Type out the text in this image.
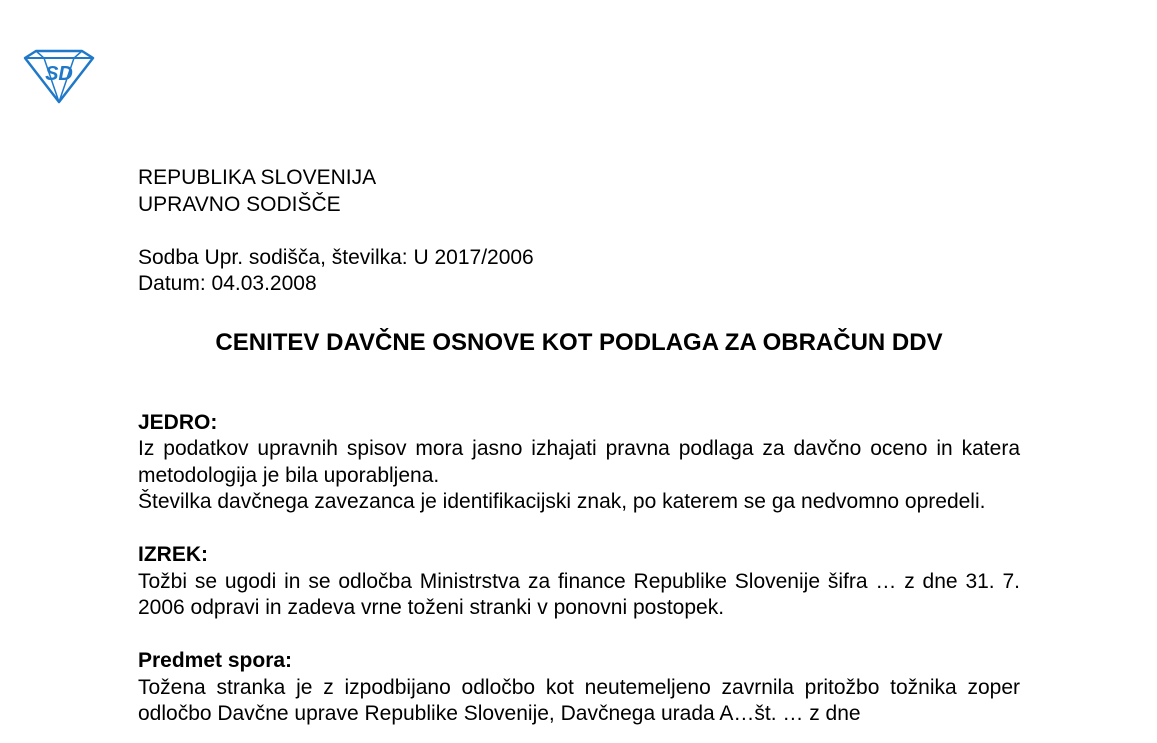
SD
REPUBLIKA SLOVENIJA
UPRAVNO SODIŠČE
Sodba Upr. sodišča, številka: U 2017/2006
Datum: 04.03.2008
CENITEV DAVČNE OSNOVE KOT PODLAGA ZA OBRAČUN DDV
JEDRO:
Iz podatkov upravnih spisov mora jasno izhajati pravna podlaga za davčno oceno in katera metodologija je bila uporabljena.
Številka davčnega zavezanca je identifikacijski znak, po katerem se ga nedvomno opredeli.
IZREK:
Tožbi se ugodi in se odločba Ministrstva za finance Republike Slovenije šifra … z dne 31. 7. 2006 odpravi in zadeva vrne toženi stranki v ponovni postopek.
Predmet spora:
Tožena stranka je z izpodbijano odločbo kot neutemeljeno zavrnila pritožbo tožnika zoper odločbo Davčne uprave Republike Slovenije, Davčnega urada A…št. … z dne
